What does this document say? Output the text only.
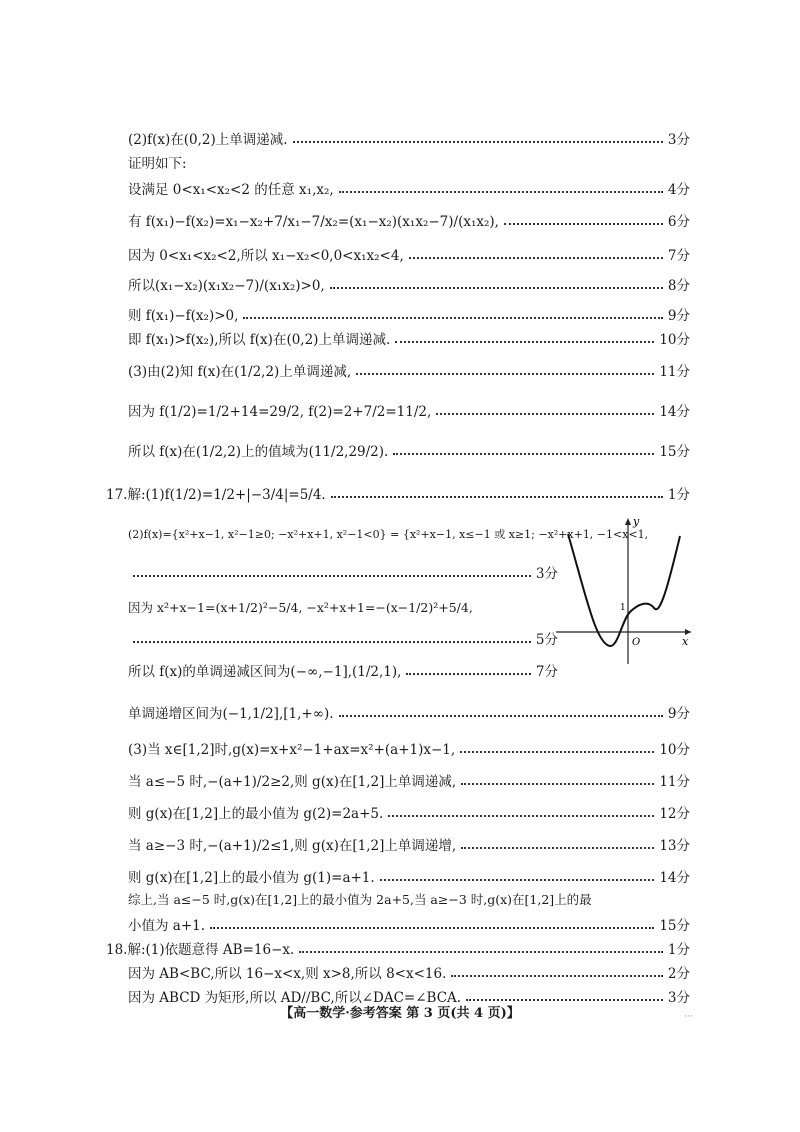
(2)f(x)在(0,2)上单调递减.	3分
证明如下:
设满足 0<x₁<x₂<2 的任意 x₁,x₂,	4分
有 f(x₁)−f(x₂)=x₁−x₂+7/x₁−7/x₂=(x₁−x₂)(x₁x₂−7)/(x₁x₂),	6分
因为 0<x₁<x₂<2,所以 x₁−x₂<0,0<x₁x₂<4,	7分
所以(x₁−x₂)(x₁x₂−7)/(x₁x₂)>0,	8分
则 f(x₁)−f(x₂)>0,	9分
即 f(x₁)>f(x₂),所以 f(x)在(0,2)上单调递减.	10分
(3)由(2)知 f(x)在(1/2,2)上单调递减,	11分
因为 f(1/2)=1/2+14=29/2, f(2)=2+7/2=11/2,	14分
所以 f(x)在(1/2,2)上的值域为(11/2,29/2).	15分
17.解:(1)f(1/2)=1/2+|−3/4|=5/4.	1分
(2)f(x)={x²+x−1, x²−1≥0; −x²+x+1, x²−1<0} = {x²+x−1, x≤−1 或 x≥1; −x²+x+1, −1<x<1,
3分
因为 x²+x−1=(x+1/2)²−5/4, −x²+x+1=−(x−1/2)²+5/4,
5分
所以 f(x)的单调递减区间为(−∞,−1],(1/2,1),	7分
单调递增区间为(−1,1/2],[1,+∞).	9分
(3)当 x∈[1,2]时,g(x)=x+x²−1+ax=x²+(a+1)x−1,	10分
当 a≤−5 时,−(a+1)/2≥2,则 g(x)在[1,2]上单调递减,	11分
则 g(x)在[1,2]上的最小值为 g(2)=2a+5.	12分
当 a≥−3 时,−(a+1)/2≤1,则 g(x)在[1,2]上单调递增,	13分
则 g(x)在[1,2]上的最小值为 g(1)=a+1.	14分
综上,当 a≤−5 时,g(x)在[1,2]上的最小值为 2a+5,当 a≥−3 时,g(x)在[1,2]上的最
小值为 a+1.	15分
18.解:(1)依题意得 AB=16−x.	1分
因为 AB<BC,所以 16−x<x,则 x>8,所以 8<x<16.	2分
因为 ABCD 为矩形,所以 AD//BC,所以∠DAC=∠BCA.	3分
y
x
O
1
【高一数学·参考答案 第 3 页(共 4 页)】	···
